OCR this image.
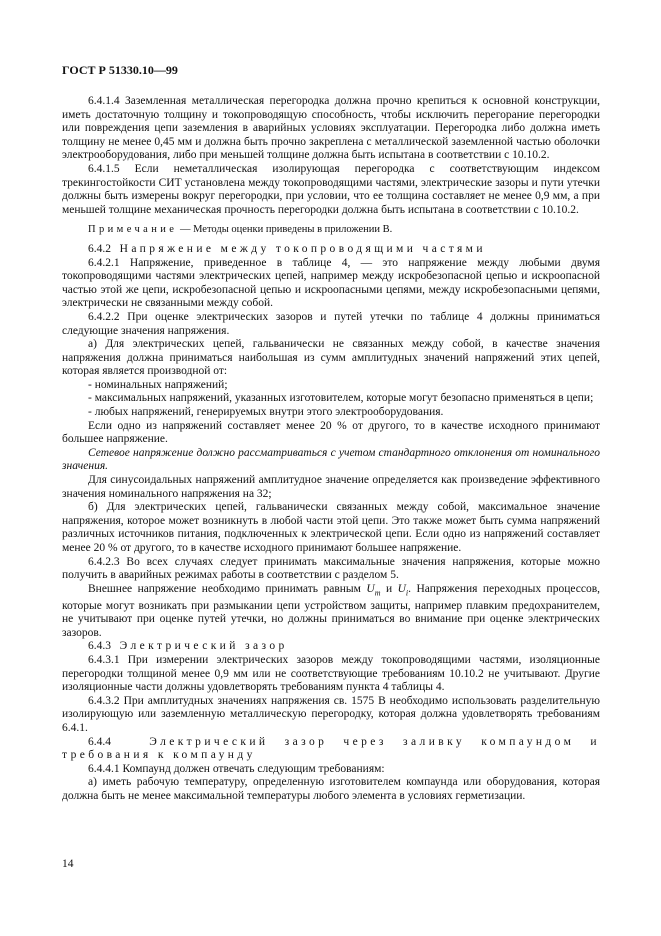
ГОСТ Р 51330.10—99

6.4.1.4 Заземленная металлическая перегородка должна прочно крепиться к основной конструкции, иметь достаточную толщину и токопроводящую способность, чтобы исключить перегорание перегородки или повреждения цепи заземления в аварийных условиях эксплуатации. Перегородка либо должна иметь толщину не менее 0,45 мм и должна быть прочно закреплена с металлической заземленной частью оболочки электрооборудования, либо при меньшей толщине должна быть испытана в соответствии с 10.10.2.

6.4.1.5 Если неметаллическая изолирующая перегородка с соответствующим индексом трекингостойкости СИТ установлена между токопроводящими частями, электрические зазоры и пути утечки должны быть измерены вокруг перегородки, при условии, что ее толщина составляет не менее 0,9 мм, а при меньшей толщине механическая прочность перегородки должна быть испытана в соответствии с 10.10.2.

Примечание — Методы оценки приведены в приложении В.

6.4.2 Напряжение между токопроводящими частями

6.4.2.1 Напряжение, приведенное в таблице 4, — это напряжение между любыми двумя токопроводящими частями электрических цепей, например между искробезопасной цепью и искроопасной частью этой же цепи, искробезопасной цепью и искроопасными цепями, между искробезопасными цепями, электрически не связанными между собой.

6.4.2.2 При оценке электрических зазоров и путей утечки по таблице 4 должны приниматься следующие значения напряжения.

а) Для электрических цепей, гальванически не связанных между собой, в качестве значения напряжения должна приниматься наибольшая из сумм амплитудных значений напряжений этих цепей, которая является производной от:

- номинальных напряжений;

- максимальных напряжений, указанных изготовителем, которые могут безопасно применяться в цепи;

- любых напряжений, генерируемых внутри этого электрооборудования.

Если одно из напряжений составляет менее 20 % от другого, то в качестве исходного принимают большее напряжение.

Сетевое напряжение должно рассматриваться с учетом стандартного отклонения от номинального значения.

Для синусоидальных напряжений амплитудное значение определяется как произведение эффективного значения номинального напряжения на 32;

б) Для электрических цепей, гальванически связанных между собой, максимальное значение напряжения, которое может возникнуть в любой части этой цепи. Это также может быть сумма напряжений различных источников питания, подключенных к электрической цепи. Если одно из напряжений составляет менее 20 % от другого, то в качестве исходного принимают большее напряжение.

6.4.2.3 Во всех случаях следует принимать максимальные значения напряжения, которые можно получить в аварийных режимах работы в соответствии с разделом 5.

Внешнее напряжение необходимо принимать равным $U_m$ и $U_i$. Напряжения переходных процессов, которые могут возникать при размыкании цепи устройством защиты, например плавким предохранителем, не учитывают при оценке путей утечки, но должны приниматься во внимание при оценке электрических зазоров.

6.4.3 Электрический зазор

6.4.3.1 При измерении электрических зазоров между токопроводящими частями, изоляционные перегородки толщиной менее 0,9 мм или не соответствующие требованиям 10.10.2 не учитывают. Другие изоляционные части должны удовлетворять требованиям пункта 4 таблицы 4.

6.4.3.2 При амплитудных значениях напряжения св. 1575 В необходимо использовать разделительную изолирующую или заземленную металлическую перегородку, которая должна удовлетворять требованиям 6.4.1.

6.4.4	Электрический зазор через заливку компаундом и требования к компаунду

6.4.4.1 Компаунд должен отвечать следующим требованиям:

а) иметь рабочую температуру, определенную изготовителем компаунда или оборудования, которая должна быть не менее максимальной температуры любого элемента в условиях герметизации.

14
